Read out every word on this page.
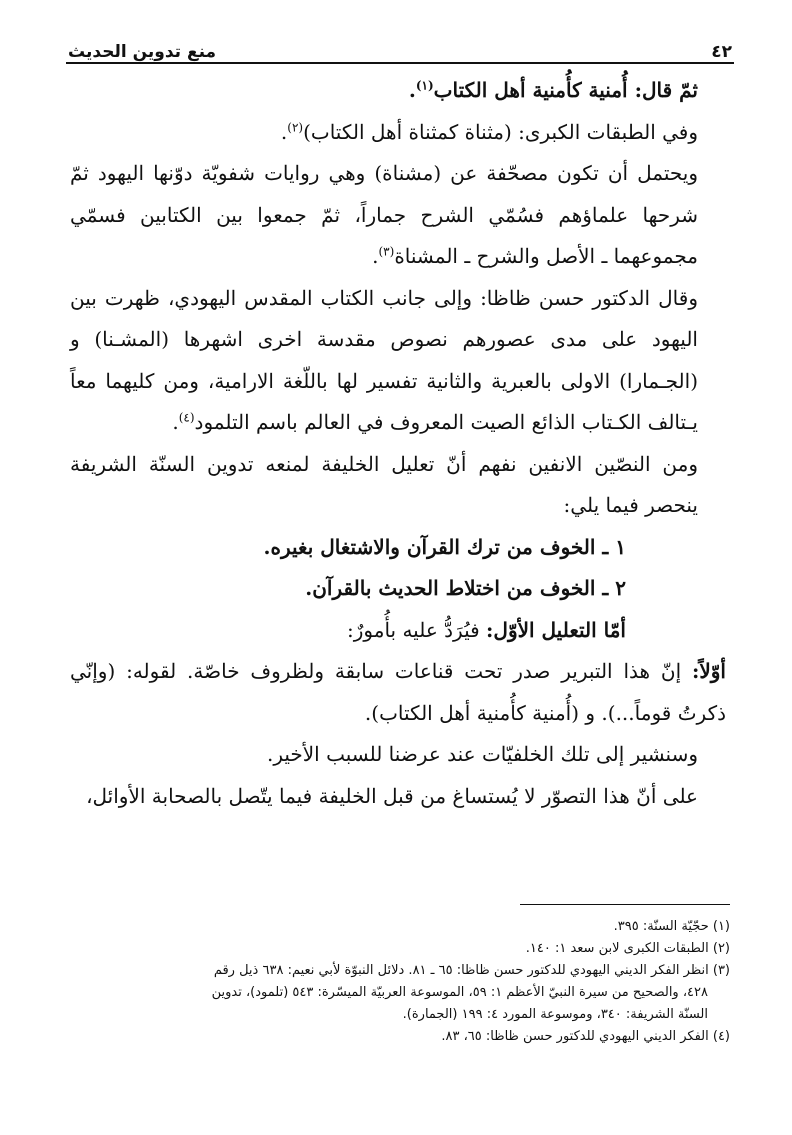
٤٢
منع تدوين الحديث

ثمّ قال: أُمنية كأُمنية أهل الكتاب$^{(١)}$.

وفي الطبقات الكبرى: (مثناة كمثناة أهل الكتاب)$^{(٢)}$.

ويحتمل أن تكون مصحّفة عن (مشناة) وهي روايات شفويّة دوّنها اليهود ثمّ شرحها علماؤهم فسُمّي الشرح جماراً، ثمّ جمعوا بين الكتابين فسمّي مجموعهما ـ الأصل والشرح ـ المشناة$^{(٣)}$.

وقال الدكتور حسن ظاظا: وإلى جانب الكتاب المقدس اليهودي، ظهرت بين اليهود على مدى عصورهم نصوص مقدسة اخرى اشهرها (المشـنا) و (الجـمارا) الاولى بالعبرية والثانية تفسير لها باللّغة الارامية، ومن كليهما معاً يـتالف الكـتاب الذائع الصيت المعروف في العالم باسم التلمود$^{(٤)}$.

ومن النصّين الانفين نفهم أنّ تعليل الخليفة لمنعه تدوين السنّة الشريفة ينحصر فيما يلي:

١ ـ الخوف من ترك القرآن والاشتغال بغيره.

٢ ـ الخوف من اختلاط الحديث بالقرآن.

أمّا التعليل الأوّل: فيُرَدُّ عليه بأُمورٌ:

أوّلاً: إنّ هذا التبرير صدر تحت قناعات سابقة ولظروف خاصّة. لقوله: (وإنّي ذكرتُ قوماً...). و (أُمنية كأُمنية أهل الكتاب).

وسنشير إلى تلك الخلفيّات عند عرضنا للسبب الأخير.

على أنّ هذا التصوّر لا يُستساغ من قبل الخليفة فيما يتّصل بالصحابة الأوائل،

(١) حجّيّة السنّة: ٣٩٥.

(٢) الطبقات الكبرى لابن سعد ١: ١٤٠.

(٣) انظر الفكر الديني اليهودي للدكتور حسن ظاظا: ٦٥ ـ ٨١. دلائل النبوّة لأبي نعيم: ٦٣٨ ذيل رقم

٤٢٨، والصحيح من سيرة النبيّ الأعظم ١: ٥٩، الموسوعة العربيّة الميسّرة: ٥٤٣ (تلمود)، تدوين

السنّة الشريفة: ٣٤٠، وموسوعة المورد ٤: ١٩٩ (الجمارة).

(٤) الفكر الديني اليهودي للدكتور حسن ظاظا: ٦٥، ٨٣.
